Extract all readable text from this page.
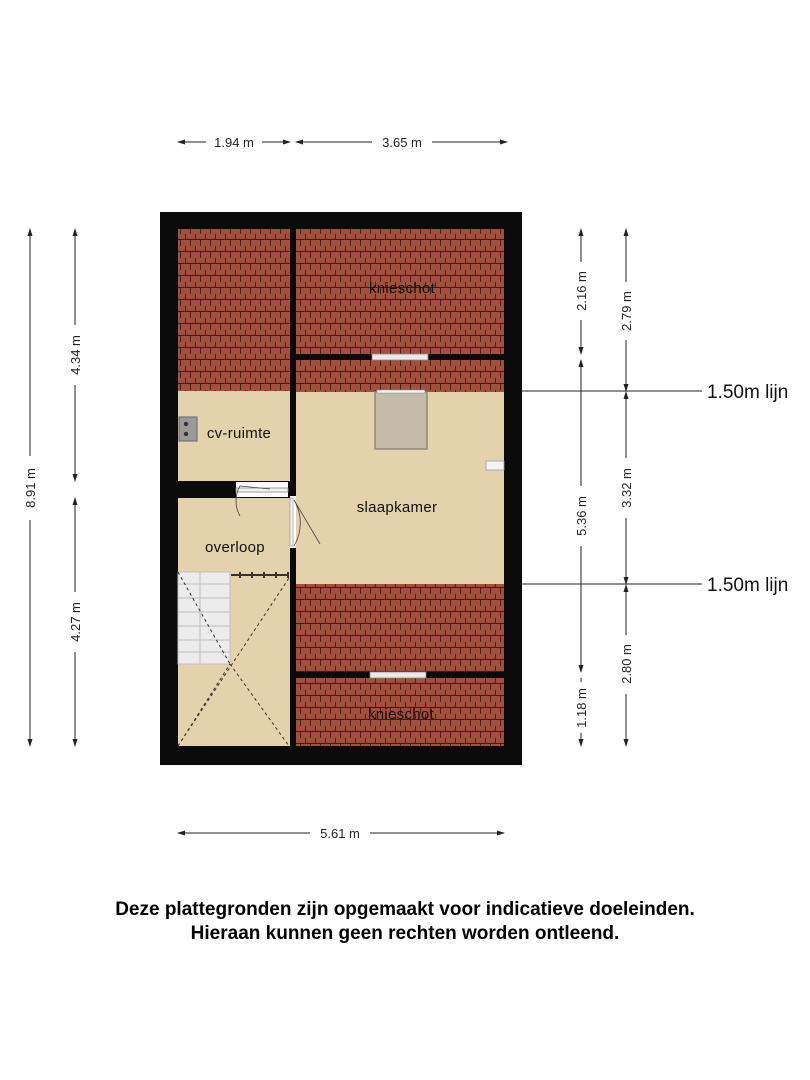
knieschot
cv-ruimte
slaapkamer
overloop
knieschot
1.94 m	3.65 m
5.61 m
8.91 m
4.34 m
4.27 m
2.16 m
5.36 m
1.18 m
2.79 m
3.32 m
2.80 m
1.50m lijn
1.50m lijn
Deze plattegronden zijn opgemaakt voor indicatieve doeleinden.
Hieraan kunnen geen rechten worden ontleend.
